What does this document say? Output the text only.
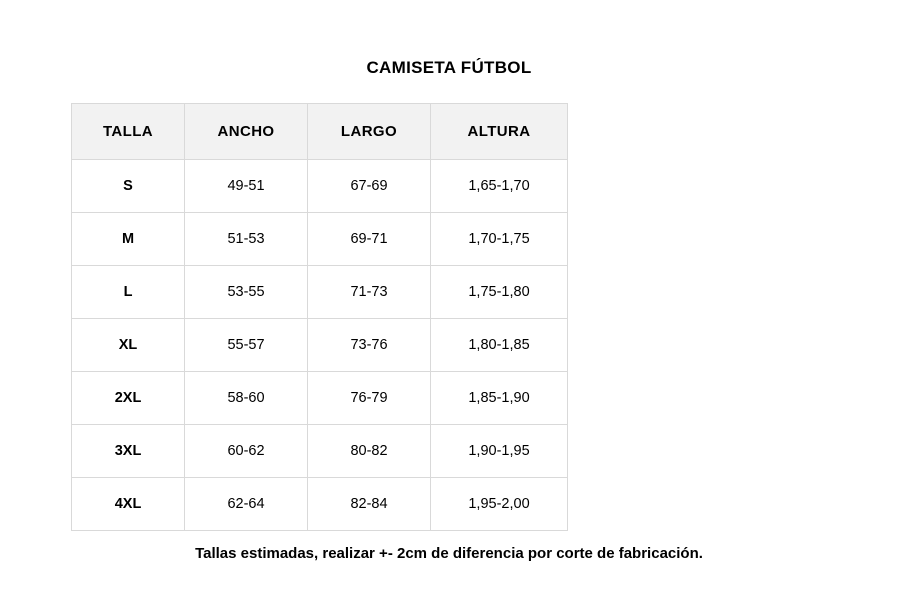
CAMISETA FÚTBOL
TALLA	ANCHO	LARGO	ALTURA
S	49-51	67-69	1,65-1,70
M	51-53	69-71	1,70-1,75
L	53-55	71-73	1,75-1,80
XL	55-57	73-76	1,80-1,85
2XL	58-60	76-79	1,85-1,90
3XL	60-62	80-82	1,90-1,95
4XL	62-64	82-84	1,95-2,00
Tallas estimadas, realizar +- 2cm de diferencia por corte de fabricación.
